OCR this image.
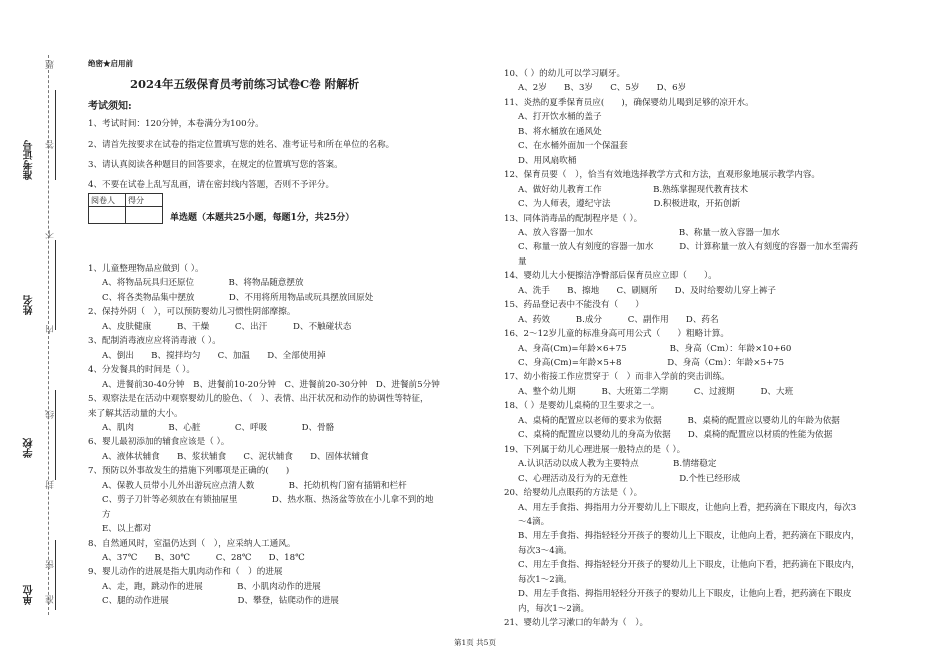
题
答
不
内
线
封
密
准
准考证号
姓名
学校
单位
绝密★启用前
2024年五级保育员考前练习试卷C卷 附解析
考试须知:
1、考试时间：120分钟，本卷满分为100分。
2、请首先按要求在试卷的指定位置填写您的姓名、准考证号和所在单位的名称。
3、请认真阅读各种题目的回答要求，在规定的位置填写您的答案。
4、不要在试卷上乱写乱画，请在密封线内答题，否则不予评分。
阅卷人	得分

单选题（本题共25小题，每题1分，共25分）
1、儿童整理物品应做到（ ）。
A、将物品玩具归还原位　　　　B、将物品随意摆放
C、将各类物品集中摆放　　　　D、不用将所用物品或玩具摆放回原处
2、保持外阴（　），可以预防婴幼儿习惯性阴部摩擦。
A、皮肤健康　　　B、干燥　　　C、出汗　　　D、不触碰状态
3、配制消毒液应应将消毒液（ ）。
A、倒出　　B、搅拌均匀　　C、加温　　D、全部使用掉
4、分发餐具的时间是（ ）。
A、进餐前30-40分钟　B、进餐前10-20分钟　C、进餐前20-30分钟　D、进餐前5分钟
5、观察法是在活动中观察婴幼儿的脸色、（　）、表情、出汗状况和动作的协调性等特征，
来了解其活动量的大小。
A、肌肉　　　　B、心脏　　　　C、呼吸　　　　D、骨骼
6、婴儿最初添加的辅食应该是（ ）。
A、液体状辅食　　B、浆状辅食　　C、泥状辅食　　D、固体状辅食
7、预防以外事故发生的措施下列哪项是正确的(　　)
A、保教人员带小儿外出游玩应点清人数　　　　B、托幼机构门窗有插销和栏杆
C、剪子刀针等必须放在有锁抽屉里　　　　D、热水瓶、热汤盆等放在小儿拿不到的地
方
E、以上都对
8、自然通风时，室温仍达到（　），应采纳人工通风。
A、37℃　　B、30℃　　　C、28℃　　D、18℃
9、婴儿动作的进展是指大肌肉动作和（　）的进展
A、走，跑，跳动作的进展　　　　B、小肌肉动作的进展
C、腿的动作进展　　　　　　　　D、攀登，钻爬动作的进展
10、（ ）的幼儿可以学习刷牙。
A、2岁　　B、3岁　　C、5岁　　D、6岁
11、炎热的夏季保育员应(　　)，确保婴幼儿喝到足够的凉开水。
A、打开饮水桶的盖子
B、将水桶放在通风处
C、在水桶外面加一个保温套
D、用风扇吹桶
12、保育员要（　），恰当有效地选择教学方式和方法，直观形象地展示教学内容。
A、做好幼儿教育工作　　　　　　B.熟练掌握现代教育技术
C、为人师表，遵纪守法　　　　　D.积极进取，开拓创新
13、同体消毒品的配制程序是（ ）。
A、放入容器一加水　　　　　　　　　　B、称量一放入容器一加水
C、称量一放人有刻度的容器一加水　　　D、计算称量一放入有刻度的容器一加水至需药
量
14、婴幼儿大小便擦洁净臀部后保育员应立即（　　）。
A、洗手　　B、擦地　　C、刷厕所　　D、及时给婴幼儿穿上裤子
15、药品登记表中不能没有（　　）
A、药效　　　B.成分　　　C、副作用　　D、药名
16、2～12岁儿童的标准身高可用公式（　　）粗略计算。
A、身高(Cm)=年龄×6+75　　　　　B、身高（Cm）：年龄×10+60
C、身高(Cm)=年龄×5+8　　　　　 D、身高（Cm）：年龄×5+75
17、幼小衔接工作应贯穿于（　）而非入学前的突击训练。
A、整个幼儿期　　　B、大班第二学期　　　C、过渡期　　　D、大班
18、（ ）是婴幼儿桌椅的卫生要求之一。
A、桌椅的配置应以老师的要求为依据　　　B、桌椅的配置应以婴幼儿的年龄为依据
C、桌椅的配置应以婴幼儿的身高为依据　　D、桌椅的配置应以材质的性能为依据
19、下列属于幼儿心理进展一般特点的是（ ）。
A.认识活动以成人教为主要特点　　　　B.情绪稳定
C、心理活动及行为的无意性　　　　　　D.个性已经形成
20、给婴幼儿点眼药的方法是（ ）。
A、用左手食指、拇指用力分开婴幼儿上下眼皮，让他向上看，把药滴在下眼皮内，每次3
～4滴。
B、用左手食指、拇指轻轻分开孩子的婴幼儿上下眼皮，让他向上看，把药滴在下眼皮内，
每次3～4滴。
C、用左手食指、拇指轻轻分开孩子的婴幼儿上下眼皮，让他向下看，把药滴在下眼皮内，
每次1～2滴。
D、用左手食指、拇指用轻轻分开孩子的婴幼儿上下眼皮，让他向上看，把药滴在下眼皮
内，每次1～2滴。
21、婴幼儿学习漱口的年龄为（　）。
第1页 共5页
